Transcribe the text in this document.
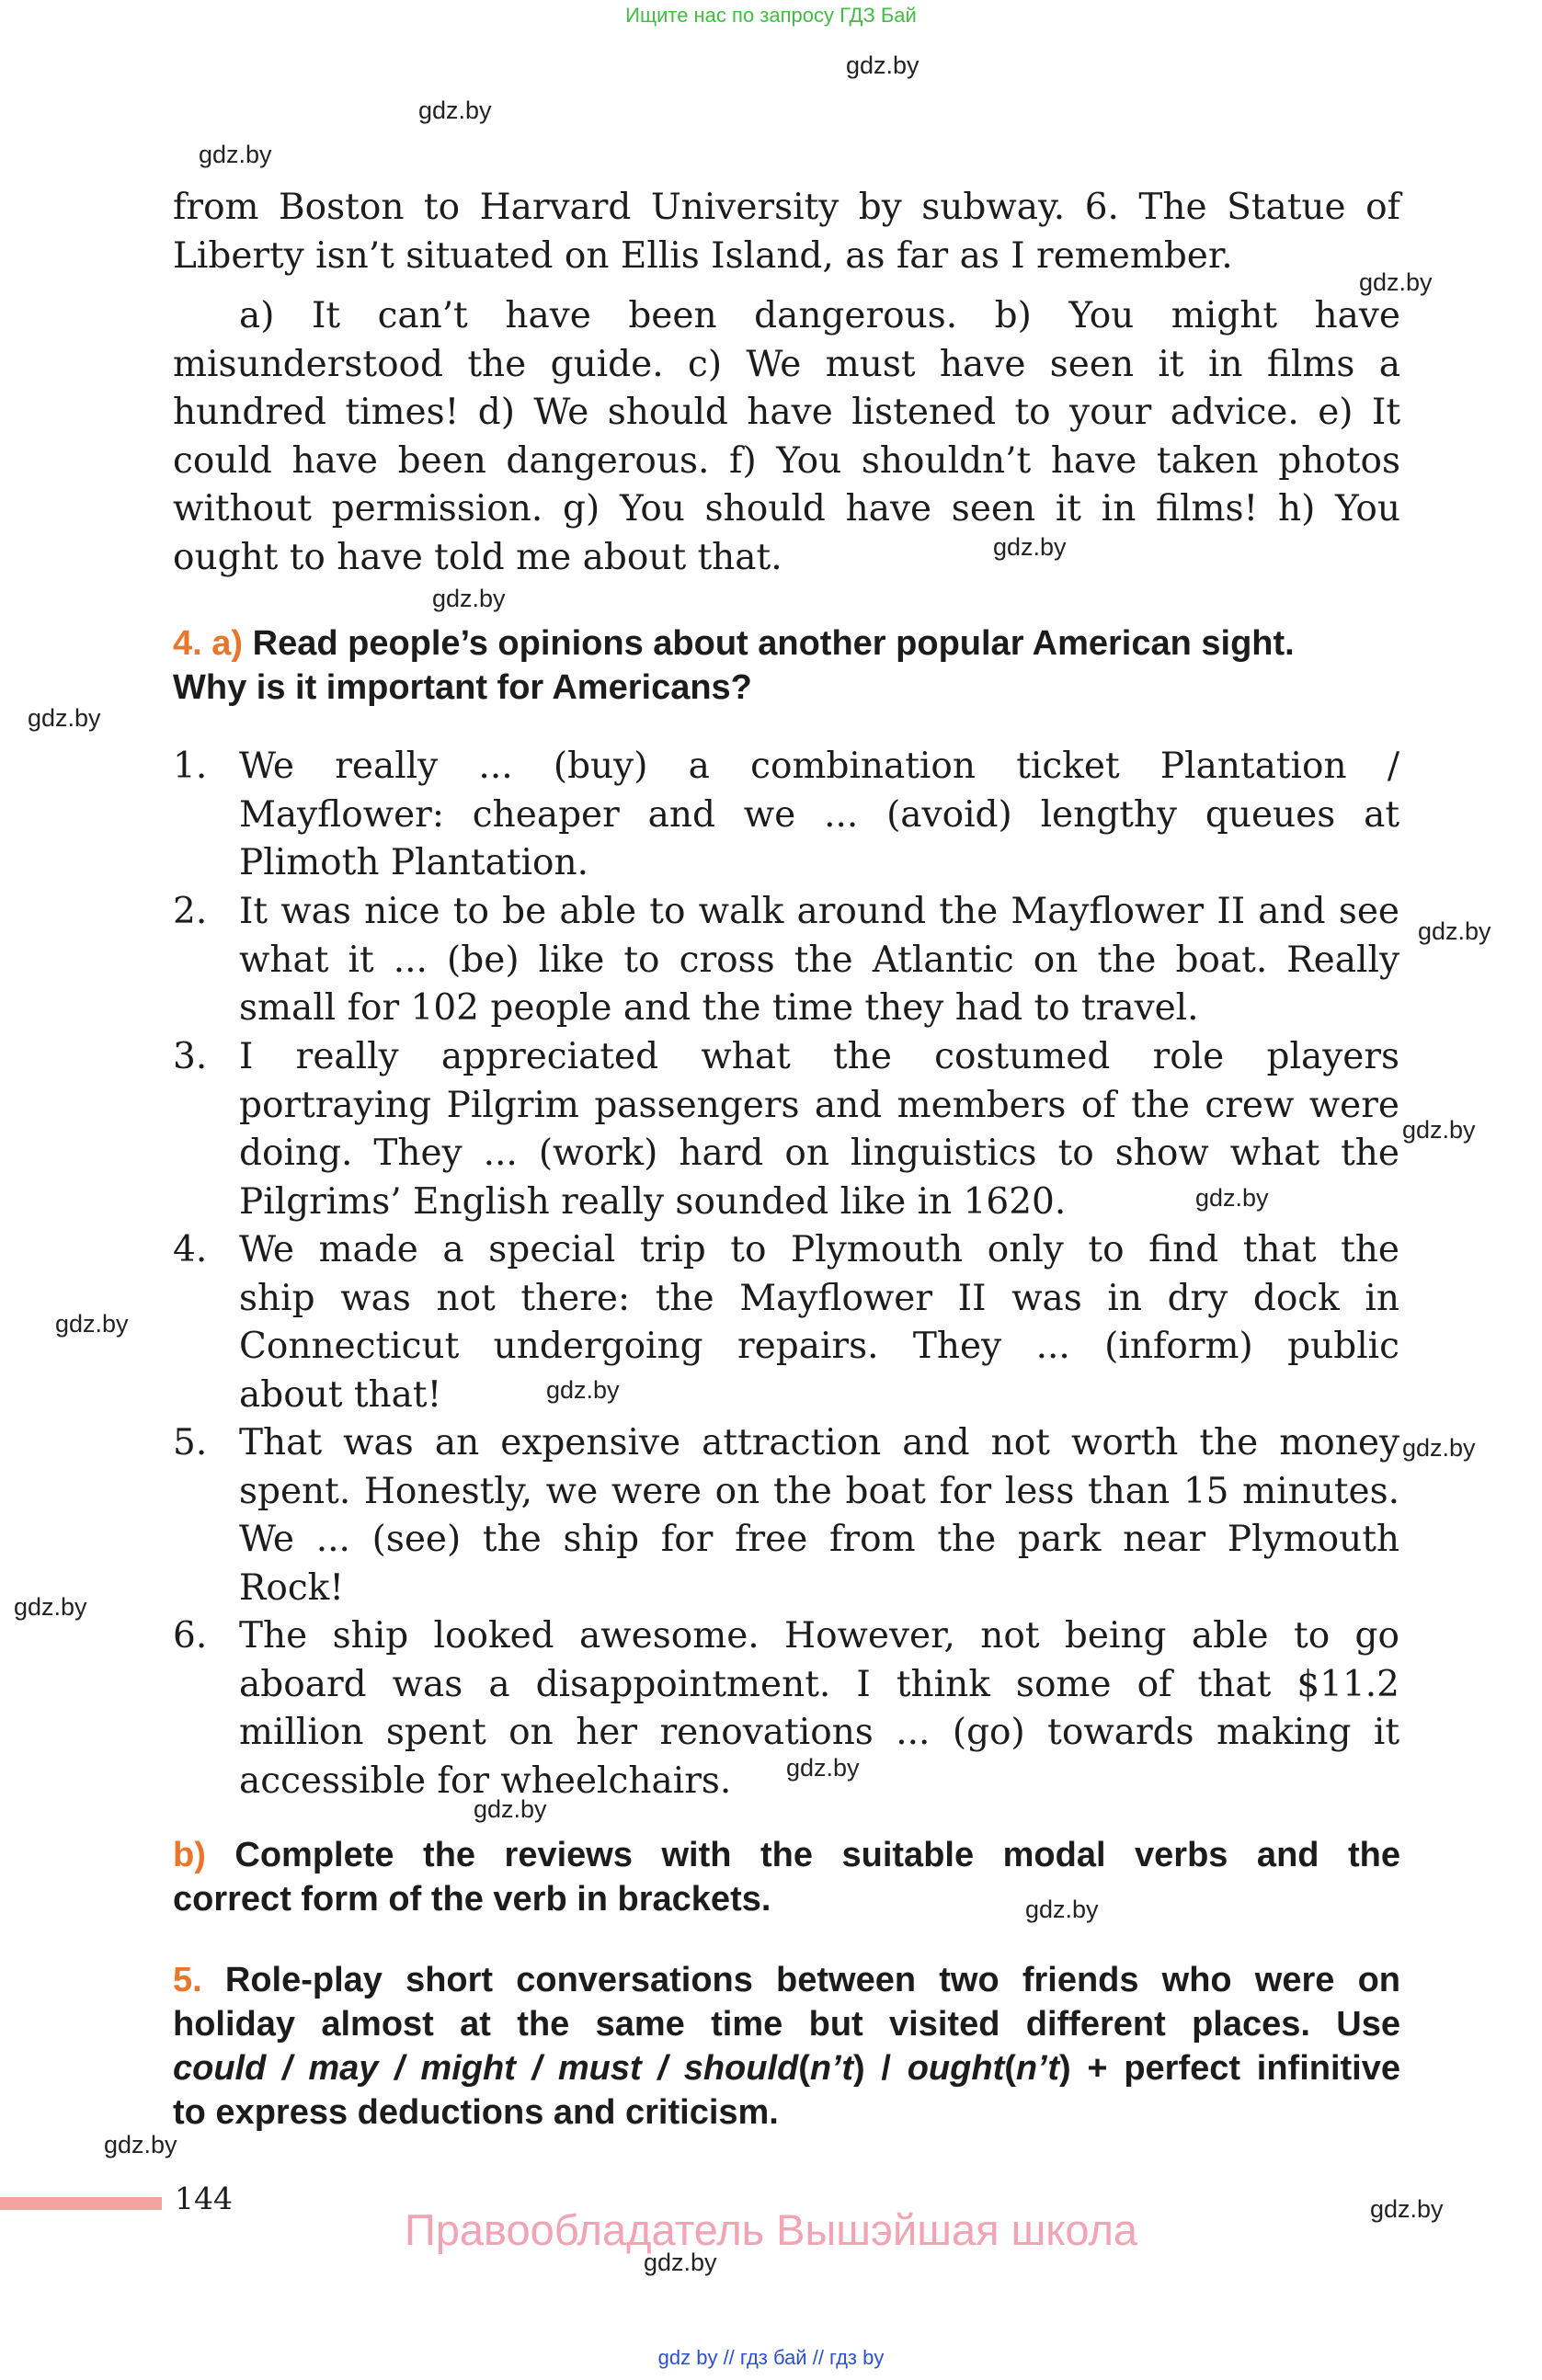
Ищите нас по запросу ГДЗ Бай
gdz.by
gdz.by
gdz.by
gdz.by
gdz.by
gdz.by
gdz.by
gdz.by
gdz.by
gdz.by
gdz.by
gdz.by
gdz.by
gdz.by
gdz.by
gdz.by
gdz.by
gdz.by
gdz.by
gdz.by
from Boston to Harvard University by subway. 6. The Statue of
Liberty isn’t situated on Ellis Island, as far as I remember.
a) It can’t have been dangerous. b) You might have
misunderstood the guide. c) We must have seen it in films a
hundred times! d) We should have listened to your advice. e) It
could have been dangerous. f) You shouldn’t have taken photos
without permission. g) You should have seen it in films! h) You
ought to have told me about that.
4. a) Read people’s opinions about another popular American sight.
Why is it important for Americans?
1. We really ... (buy) a combination ticket Plantation /
Mayflower: cheaper and we ... (avoid) lengthy queues at
Plimoth Plantation.
2. It was nice to be able to walk around the Mayflower II and see
what it ... (be) like to cross the Atlantic on the boat. Really
small for 102 people and the time they had to travel.
3. I really appreciated what the costumed role players
portraying Pilgrim passengers and members of the crew were
doing. They ... (work) hard on linguistics to show what the
Pilgrims’ English really sounded like in 1620.
4. We made a special trip to Plymouth only to find that the
ship was not there: the Mayflower II was in dry dock in
Connecticut undergoing repairs. They ... (inform) public
about that!
5. That was an expensive attraction and not worth the money
spent. Honestly, we were on the boat for less than 15 minutes.
We ... (see) the ship for free from the park near Plymouth
Rock!
6. The ship looked awesome. However, not being able to go
aboard was a disappointment. I think some of that $11.2
million spent on her renovations ... (go) towards making it
accessible for wheelchairs.
b) Complete the reviews with the suitable modal verbs and the
correct form of the verb in brackets.
5. Role-play short conversations between two friends who were on
holiday almost at the same time but visited different places. Use
could / may / might / must / should(n’t) / ought(n’t) + perfect infinitive
to express deductions and criticism.
144
Правообладатель Вышэйшая школа
gdz by // гдз бай // гдз by
